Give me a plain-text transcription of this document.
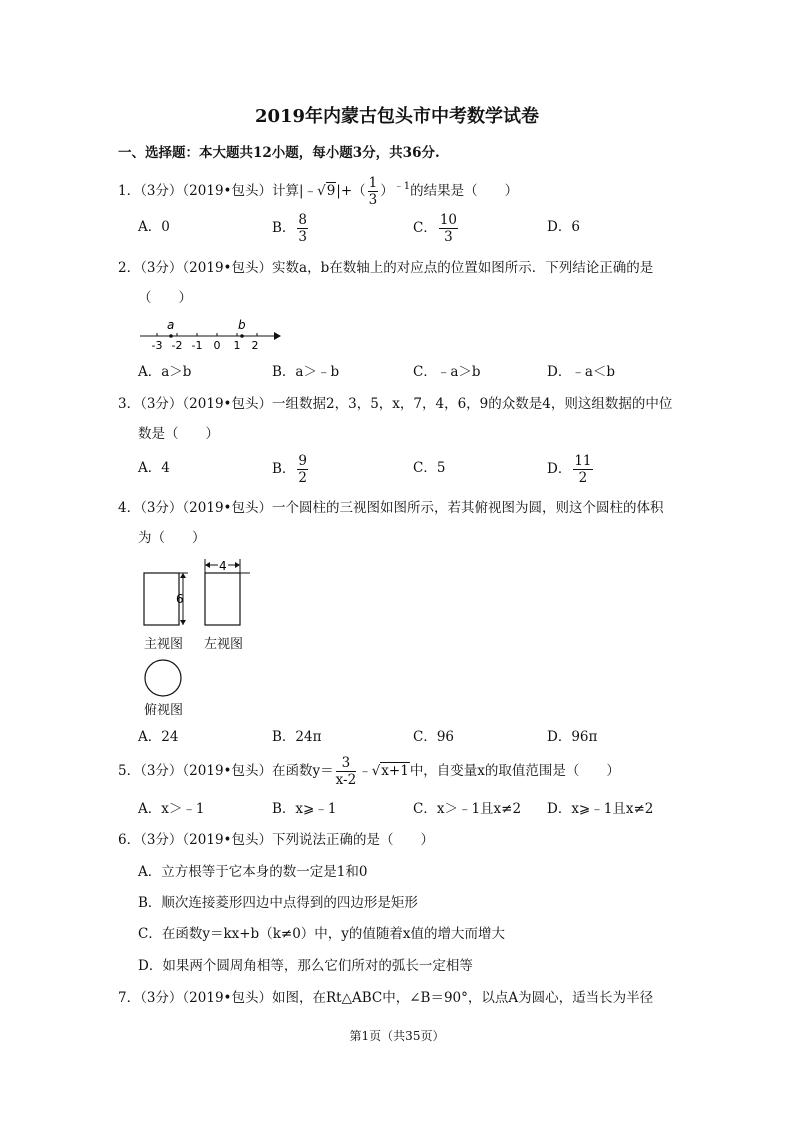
2019年内蒙古包头市中考数学试卷
一、选择题：本大题共12小题，每小题3分，共36分.
1．（3分）（2019•包头）计算|﹣√9|+（ $\frac{1}{3} )^{﹣1}$的结果是（　　）
A．0	B． $\frac{8}{3}$	C． $\frac{10}{3}$	D．6
2．（3分）（2019•包头）实数a，b在数轴上的对应点的位置如图所示．下列结论正确的是
（　　）
a	b
-3 -2 -1 0 1 2
A．a＞b	B．a＞﹣b	C．﹣a＞b	D．﹣a＜b
3．（3分）（2019•包头）一组数据2，3，5，x，7，4，6，9的众数是4，则这组数据的中位
数是（　　）
A．4	B． $\frac{9}{2}$	C．5	D． $\frac{11}{2}$
4．（3分）（2019•包头）一个圆柱的三视图如图所示，若其俯视图为圆，则这个圆柱的体积
为（　　）
6
4
主视图 左视图
俯视图
A．24	B．24π	C．96	D．96π
5．（3分）（2019•包头）在函数$y= \frac{3}{x-2}$ ﹣√x+1中，自变量x的取值范围是（　　）
A．x＞﹣1	B．x⩾﹣1	C．x＞﹣1且x≠2 D．x⩾﹣1且x≠2
6．（3分）（2019•包头）下列说法正确的是（　　）
A．立方根等于它本身的数一定是1和0
B．顺次连接菱形四边中点得到的四边形是矩形
C．在函数y＝kx+b（k≠0）中，y的值随着x值的增大而增大
D．如果两个圆周角相等，那么它们所对的弧长一定相等
7．（3分）（2019•包头）如图，在Rt△ABC中，∠B＝90°，以点A为圆心，适当长为半径
第1页（共35页）
